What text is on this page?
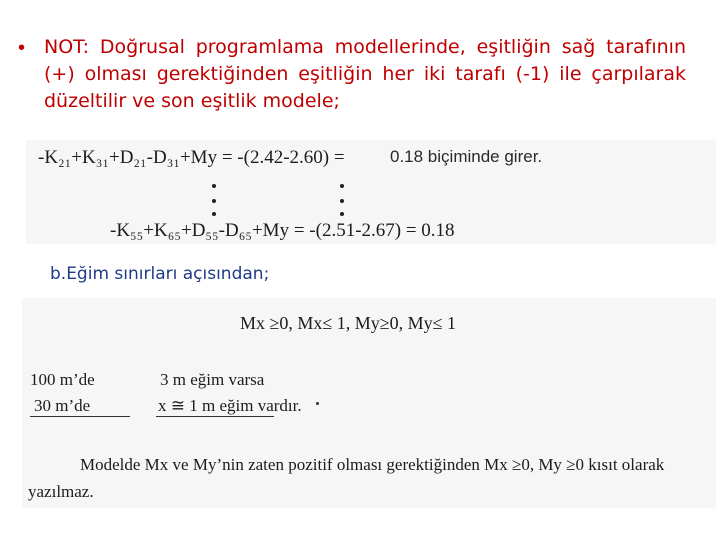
• NOT: Doğrusal programlama modellerinde, eşitliğin sağ tarafının (+) olması gerektiğinden eşitliğin her iki tarafı (-1) ile çarpılarak düzeltilir ve son eşitlik modele;
-K₂₁+K₃₁+D₂₁-D₃₁+My = -(2.42-2.60) =	0.18 biçiminde girer.
-K₅₅+K₆₅+D₅₅-D₆₅+My = -(2.51-2.67) = 0.18
b.Eğim sınırları açısından;
Mx ≥0, Mx≤ 1, My≥0, My≤ 1
100 m’de	3 m eğim varsa
30 m’de	x ≅ 1 m eğim vardır.
Modelde Mx ve My’nin zaten pozitif olması gerektiğinden Mx ≥0, My ≥0 kısıt olarak
yazılmaz.
